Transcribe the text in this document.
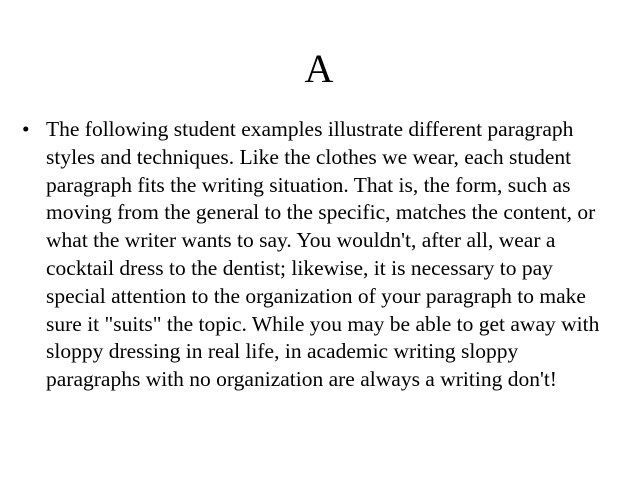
A
• The following student examples illustrate different paragraph styles and techniques. Like the clothes we wear, each student paragraph fits the writing situation. That is, the form, such as moving from the general to the specific, matches the content, or what the writer wants to say. You wouldn't, after all, wear a cocktail dress to the dentist; likewise, it is necessary to pay special attention to the organization of your paragraph to make sure it "suits" the topic. While you may be able to get away with sloppy dressing in real life, in academic writing sloppy paragraphs with no organization are always a writing don't!
